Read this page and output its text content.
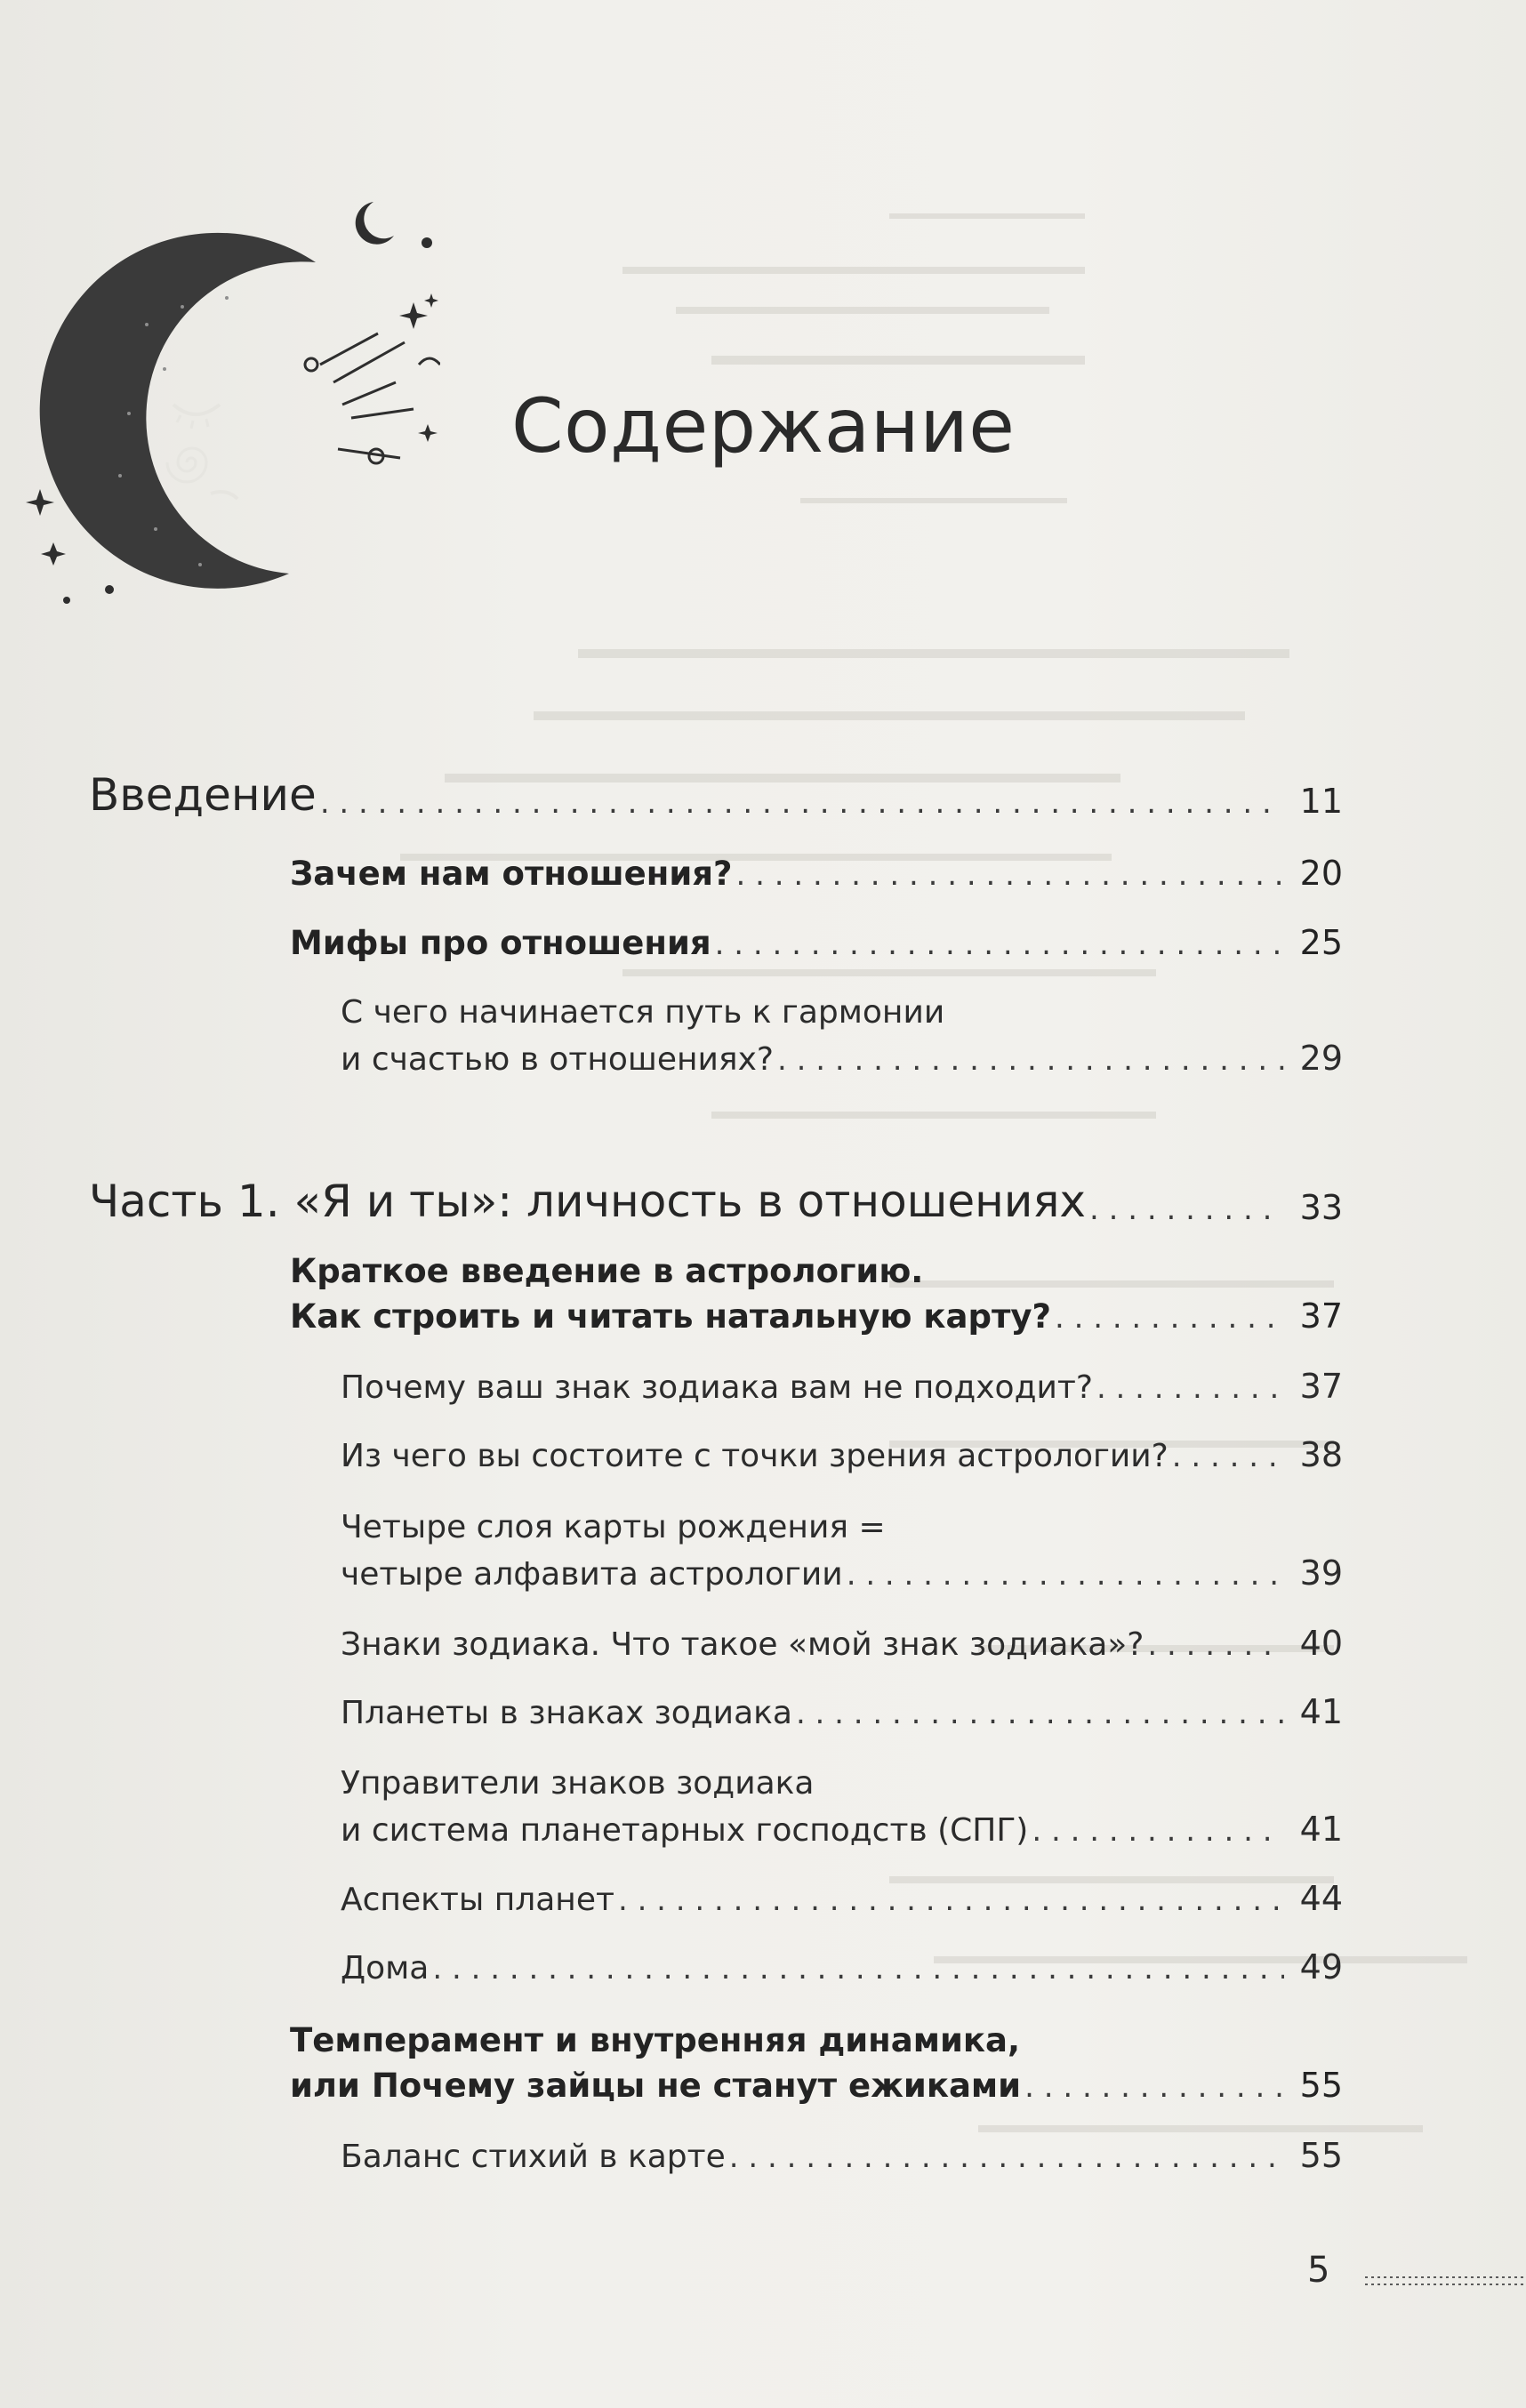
Содержание
Введение . . .	11
Зачем нам отношения? . . .	20
Мифы про отношения . . .	25
С чего начинается путь к гармонии
и счастью в отношениях? . . .	29
Часть 1. «Я и ты»: личность в отношениях . . .	33
Краткое введение в астрологию.
Как строить и читать натальную карту? . . .	37
Почему ваш знак зодиака вам не подходит? . . .	37
Из чего вы состоите с точки зрения астрологии? . . .	38
Четыре слоя карты рождения =
четыре алфавита астрологии . . .	39
Знаки зодиака. Что такое «мой знак зодиака»? . . .	40
Планеты в знаках зодиака . . .	41
Управители знаков зодиака
и система планетарных господств (СПГ) . . .	41
Аспекты планет . . .	44
Дома . . .	49
Темперамент и внутренняя динамика,
или Почему зайцы не станут ежиками . . .	55
Баланс стихий в карте . . .	55
5
